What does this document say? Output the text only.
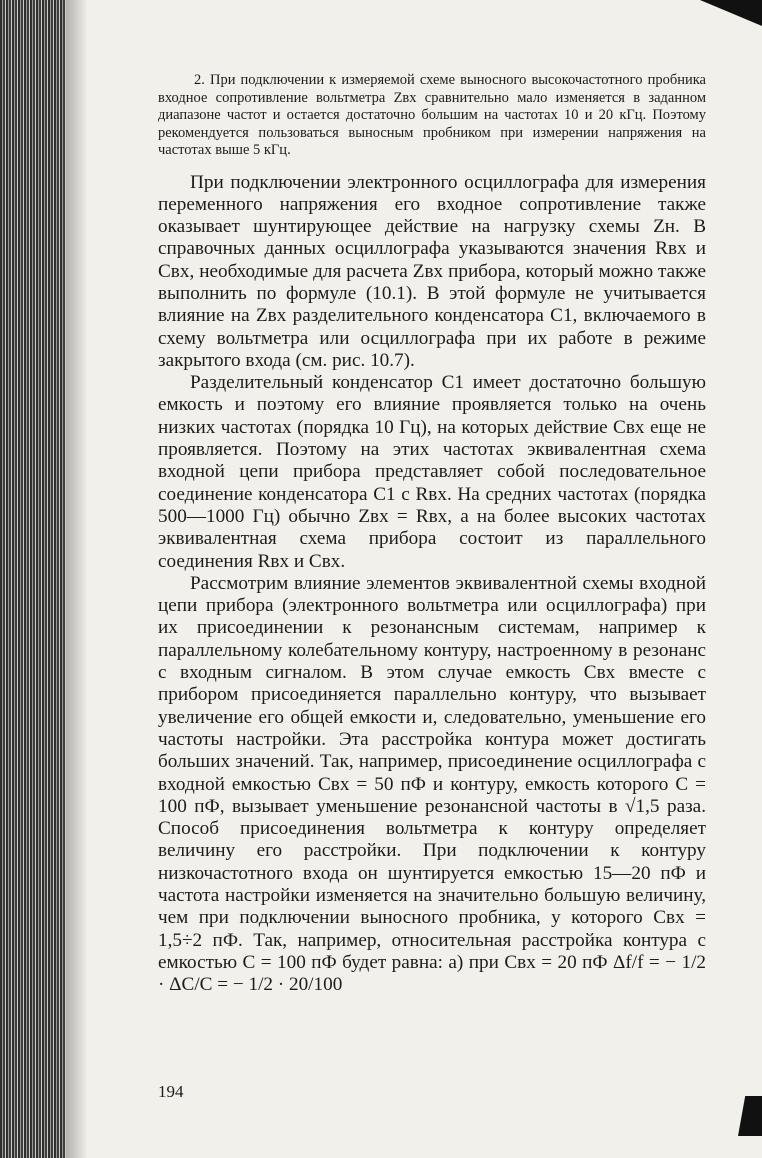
2. При подключении к измеряемой схеме выносного высокочастотного пробника входное сопротивление вольтметра Zвх сравнительно мало изменяется в заданном диапазоне частот и остается достаточно большим на частотах 10 и 20 кГц. Поэтому рекомендуется пользоваться выносным пробником при измерении напряжения на частотах выше 5 кГц.

При подключении электронного осциллографа для измерения переменного напряжения его входное сопротивление также оказывает шунтирующее действие на нагрузку схемы Zн. В справочных данных осциллографа указываются значения Rвх и Cвх, необходимые для расчета Zвх прибора, который можно также выполнить по формуле (10.1). В этой формуле не учитывается влияние на Zвх разделительного конденсатора C1, включаемого в схему вольтметра или осциллографа при их работе в режиме закрытого входа (см. рис. 10.7).

Разделительный конденсатор C1 имеет достаточно большую емкость и поэтому его влияние проявляется только на очень низких частотах (порядка 10 Гц), на которых действие Cвх еще не проявляется. Поэтому на этих частотах эквивалентная схема входной цепи прибора представляет собой последовательное соединение конденсатора C1 с Rвх. На средних частотах (порядка 500—1000 Гц) обычно Zвх = Rвх, а на более высоких частотах эквивалентная схема прибора состоит из параллельного соединения Rвх и Cвх.

Рассмотрим влияние элементов эквивалентной схемы входной цепи прибора (электронного вольтметра или осциллографа) при их присоединении к резонансным системам, например к параллельному колебательному контуру, настроенному в резонанс с входным сигналом. В этом случае емкость Cвх вместе с прибором присоединяется параллельно контуру, что вызывает увеличение его общей емкости и, следовательно, уменьшение его частоты настройки. Эта расстройка контура может достигать больших значений. Так, например, присоединение осциллографа с входной емкостью Cвх = 50 пФ и контуру, емкость которого C = 100 пФ, вызывает уменьшение резонансной частоты в √1,5 раза. Способ присоединения вольтметра к контуру определяет величину его расстройки. При подключении к контуру низкочастотного входа он шунтируется емкостью 15—20 пФ и частота настройки изменяется на значительно большую величину, чем при подключении выносного пробника, у которого Cвх = 1,5÷2 пФ. Так, например, относительная расстройка контура с емкостью C = 100 пФ будет равна: а) при Cвх = 20 пФ Δf/f = − 1/2 · ΔC/C = − 1/2 · 20/100

194
